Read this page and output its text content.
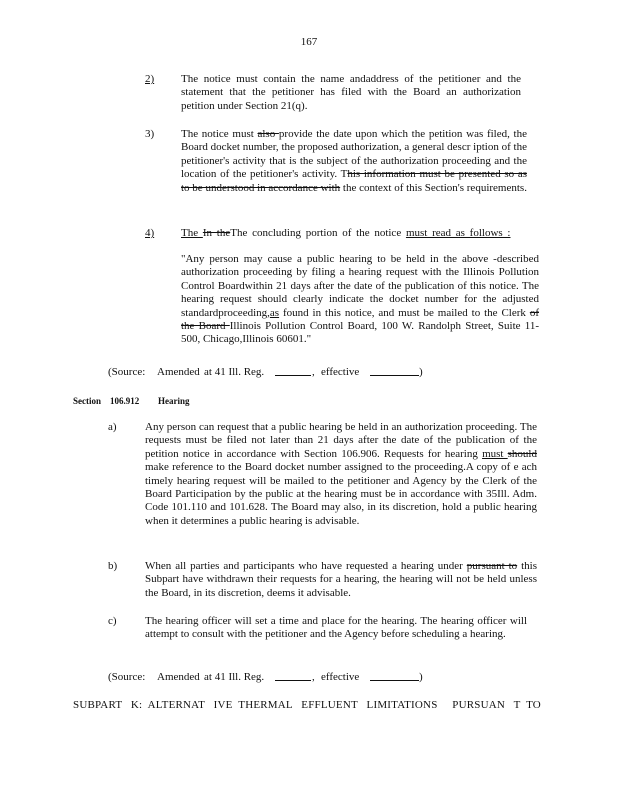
167
2) The notice must contain the name andaddress of the petitioner and the statement that the petitioner has filed with the Board an authorization petition under Section 21(q).
3) The notice must also provide the date upon which the petition was filed, the Board docket number, the proposed authorization, a general descr iption of the petitioner's activity that is the subject of the authorization proceeding and the location of the petitioner's activity. This information must be presented so as to be understood in accordance with the context of this Section's requirements.
4) The In theThe concluding portion of the notice must read as follows :
"Any person may cause a public hearing to be held in the above -described authorization proceeding by filing a hearing request with the Illinois Pollution Control Boardwithin 21 days after the date of the publication of this notice. The hearing request should clearly indicate the docket number for the adjusted standardproceeding,as found in this notice, and must be mailed to the Clerk of the Board Illinois Pollution Control Board, 100 W. Randolph Street, Suite 11-500, Chicago,Illinois 60601."
(Source: Amended at 41 Ill. Reg.	, effective	)
Section 106.912 Hearing
a)	Any person can request that a public hearing be held in an authorization proceeding. The requests must be filed not later than 21 days after the date of the publication of the petition notice in accordance with Section 106.906. Requests for hearing must should make reference to the Board docket number assigned to the proceeding.A copy of e ach timely hearing request will be mailed to the petitioner and Agency by the Clerk of the Board Participation by the public at the hearing must be in accordance with 35Ill. Adm. Code 101.110 and 101.628. The Board may also, in its discretion, hold a public hearing when it determines a public hearing is advisable.
b)	When all parties and participants who have requested a hearing under pursuant to this Subpart have withdrawn their requests for a hearing, the hearing will not be held unless the Board, in its discretion, deems it advisable.
c)	The hearing officer will set a time and place for the hearing. The hearing officer will attempt to consult with the petitioner and the Agency before scheduling a hearing.
(Source: Amended at 41 Ill. Reg.	, effective	)
SUBPART   K:  ALTERNAT   IVE  THERMAL   EFFLUENT   LIMITATIONS     PURSUAN   T  TO
